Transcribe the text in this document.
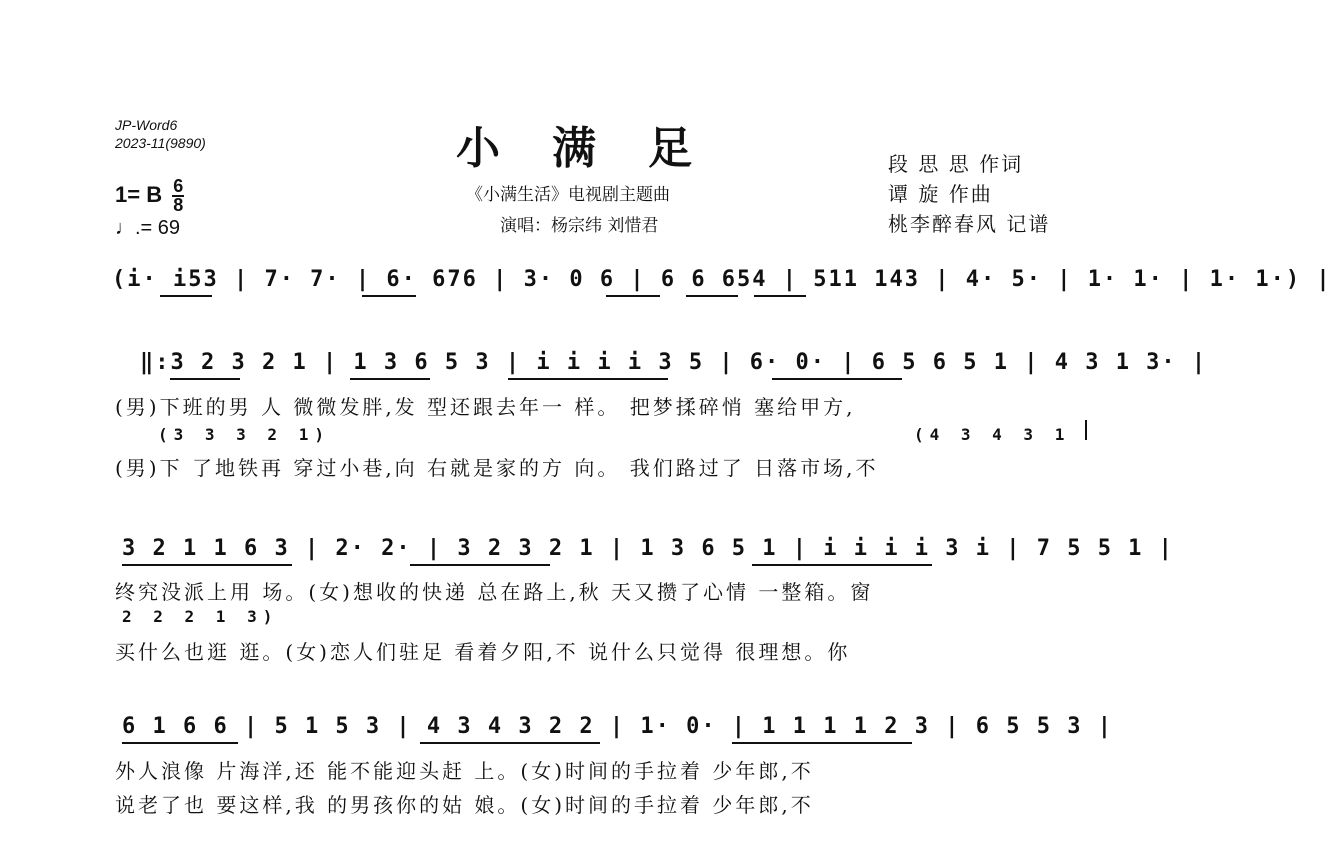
JP-Word6
2023-11(9890)	小满足
《小满生活》电视剧主题曲
演唱：杨宗纬 刘惜君
段 思 思 作词
谭 旋 作曲
桃李醉春风 记谱
1= B $\frac{6}{8}$
♩.= 69
(i· i53 | 7· 7· | 6· 676 | 3· 0 6 | 6 6 654 | 511 143 | 4· 5· | 1· 1· | 1· 1·) |
‖:3 2 3 2 1 | 1 3 6 5 3 | i i i i 3 5 | 6· 0· | 6 5 6 5 1 | 4 3 1 3· |
(男)下班的男 人 微微发胖,发 型还跟去年一 样。 把梦揉碎悄 塞给甲方,
(3 3 3 2 1)	(4 3 4 3 1
(男)下 了地铁再 穿过小巷,向 右就是家的方 向。 我们路过了 日落市场,不
3 2 1 1 6 3 | 2· 2· | 3 2 3 2 1 | 1 3 6 5 1 | i i i i 3 i | 7 5 5 1 |
终究没派上用 场。(女)想收的快递 总在路上,秋 天又攒了心情 一整箱。窗
2 2 2 1 3)
买什么也逛 逛。(女)恋人们驻足 看着夕阳,不 说什么只觉得 很理想。你
6 1 6 6 | 5 1 5 3 | 4 3 4 3 2 2 | 1· 0· | 1 1 1 1 2 3 | 6 5 5 3 |
外人浪像 片海洋,还 能不能迎头赶 上。(女)时间的手拉着 少年郎,不
说老了也 要这样,我 的男孩你的姑 娘。(女)时间的手拉着 少年郎,不
